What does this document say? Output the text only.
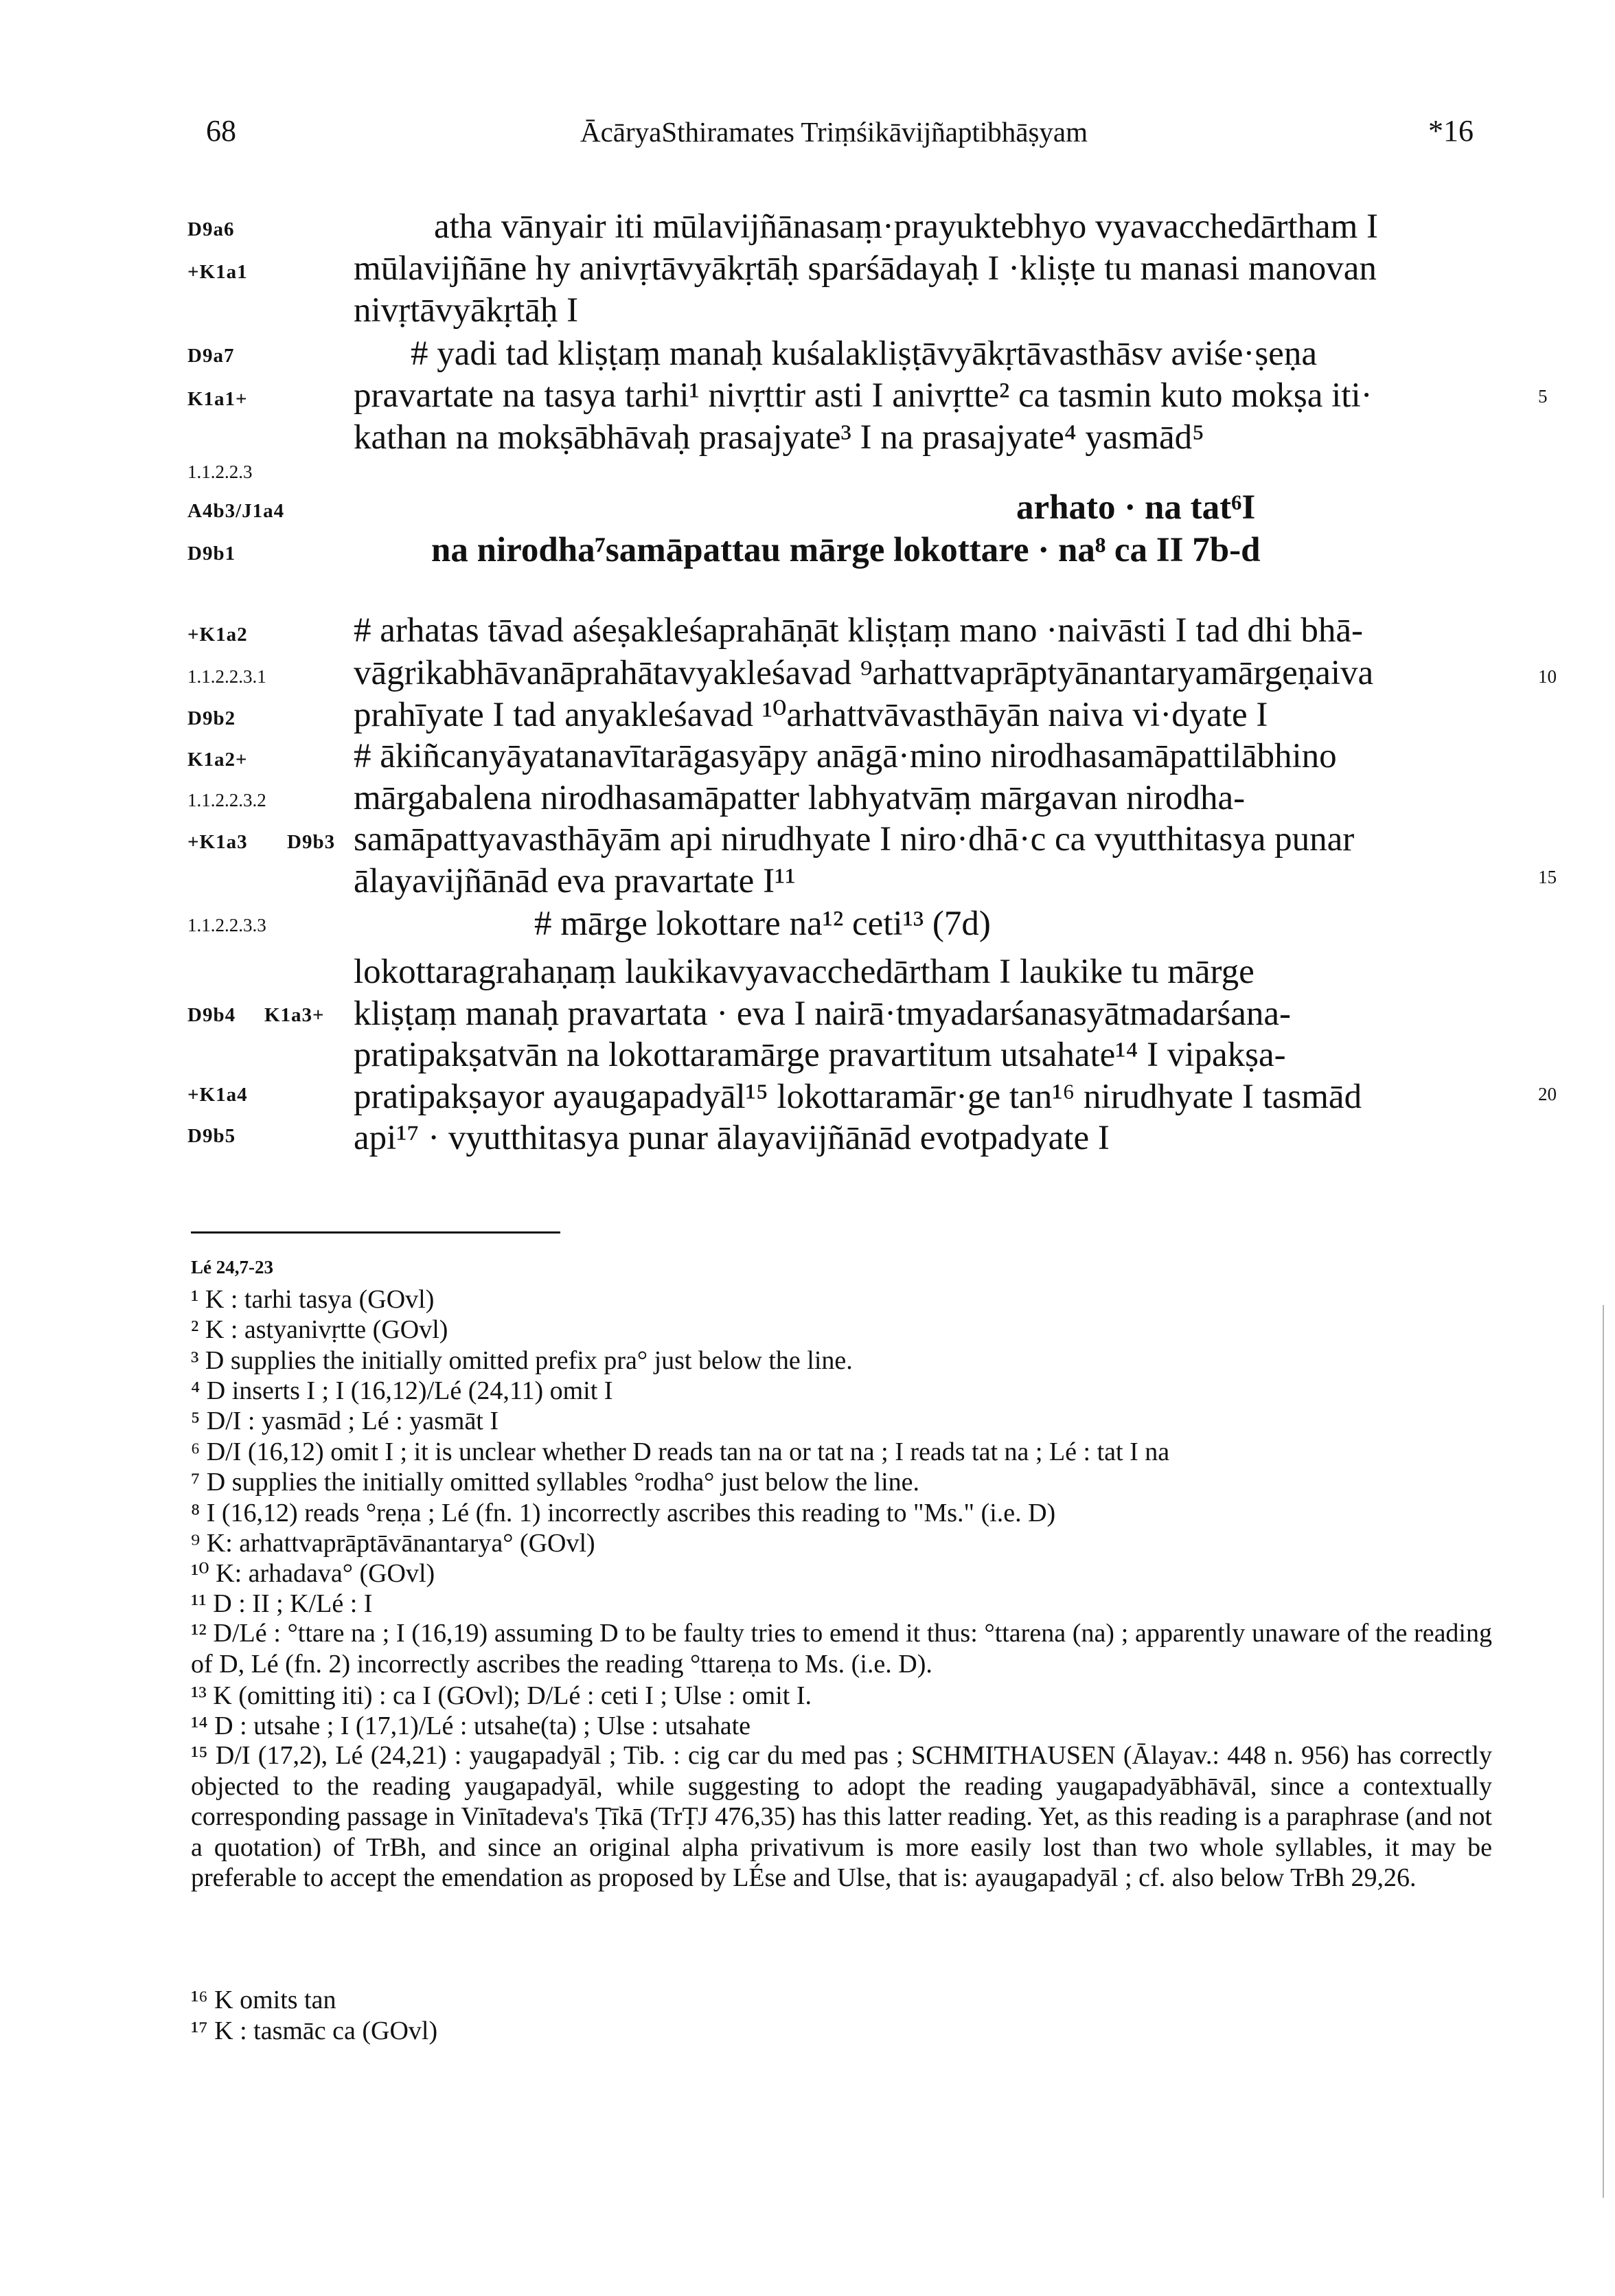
68	ĀcāryaSthiramates Triṃśikāvijñaptibhāṣyam	*16
D9a6
+K1a1
D9a7
K1a1+
1.1.2.2.3
A4b3/J1a4
D9b1
+K1a2
1.1.2.2.3.1
D9b2
K1a2+
1.1.2.2.3.2
+K1a3 D9b3
1.1.2.2.3.3
D9b4 K1a3+
+K1a4
D9b5
5
10
15
20
atha vānyair iti mūlavijñānasaṃ·prayuktebhyo vyavacchedārtham I
mūlavijñāne hy anivṛtāvyākṛtāḥ sparśādayaḥ I ·kliṣṭe tu manasi manovan
nivṛtāvyākṛtāḥ I
# yadi tad kliṣṭaṃ manaḥ kuśalakliṣṭāvyākṛtāvasthāsv aviśe·ṣeṇa
pravartate na tasya tarhi¹ nivṛttir asti I anivṛtte² ca tasmin kuto mokṣa iti·
kathan na mokṣābhāvaḥ prasajyate³ I na prasajyate⁴ yasmād⁵
arhato · na tat⁶I
na nirodha⁷samāpattau mārge lokottare · na⁸ ca II 7b-d
# arhatas tāvad aśeṣakleśaprahāṇāt kliṣṭaṃ mano ·naivāsti I tad dhi bhā-
vāgrikabhāvanāprahātavyakleśavad ⁹arhattvaprāptyānantaryamārgeṇaiva
prahīyate I tad anyakleśavad ¹⁰arhattvāvasthāyān naiva vi·dyate I
# ākiñcanyāyatanavītarāgasyāpy anāgā·mino nirodhasamāpattilābhino
mārgabalena nirodhasamāpatter labhyatvāṃ mārgavan nirodha-
samāpattyavasthāyām api nirudhyate I niro·dhā·c ca vyutthitasya punar
ālayavijñānād eva pravartate I¹¹
# mārge lokottare na¹² ceti¹³ (7d)
lokottaragrahaṇaṃ laukikavyavacchedārtham I laukike tu mārge
kliṣṭaṃ manaḥ pravartata · eva I nairā·tmyadarśanasyātmadarśana-
pratipakṣatvān na lokottaramārge pravartitum utsahate¹⁴ I vipakṣa-
pratipakṣayor ayaugapadyāl¹⁵ lokottaramār·ge tan¹⁶ nirudhyate I tasmād
api¹⁷ · vyutthitasya punar ālayavijñānād evotpadyate I
Lé 24,7-23
¹ K : tarhi tasya (GOvl)
² K : astyanivṛtte (GOvl)
³ D supplies the initially omitted prefix pra° just below the line.
⁴ D inserts I ; I (16,12)/Lé (24,11) omit I
⁵ D/I : yasmād ; Lé : yasmāt I
⁶ D/I (16,12) omit I ; it is unclear whether D reads tan na or tat na ; I reads tat na ; Lé : tat I na
⁷ D supplies the initially omitted syllables °rodha° just below the line.
⁸ I (16,12) reads °reṇa ; Lé (fn. 1) incorrectly ascribes this reading to "Ms." (i.e. D)
⁹ K: arhattvaprāptāvānantarya° (GOvl)
¹⁰ K: arhadava° (GOvl)
¹¹ D : II ; K/Lé : I
¹² D/Lé : °ttare na ; I (16,19) assuming D to be faulty tries to emend it thus: °ttarena (na) ; apparently unaware of the reading of D, Lé (fn. 2) incorrectly ascribes the reading °ttareṇa to Ms. (i.e. D).
¹³ K (omitting iti) : ca I (GOvl); D/Lé : ceti I ; Ulse : omit I.
¹⁴ D : utsahe ; I (17,1)/Lé : utsahe(ta) ; Ulse : utsahate
¹⁵ D/I (17,2), Lé (24,21) : yaugapadyāl ; Tib. : cig car du med pas ; SCHMITHAUSEN (Ālayav.: 448 n. 956) has correctly objected to the reading yaugapadyāl, while suggesting to adopt the reading yaugapadyābhāvāl, since a contextually corresponding passage in Vinītadeva's Ṭīkā (TrṬJ 476,35) has this latter reading. Yet, as this reading is a paraphrase (and not a quotation) of TrBh, and since an original alpha privativum is more easily lost than two whole syllables, it may be preferable to accept the emendation as proposed by LÉse and Ulse, that is: ayaugapadyāl ; cf. also below TrBh 29,26.
¹⁶ K omits tan
¹⁷ K : tasmāc ca (GOvl)
